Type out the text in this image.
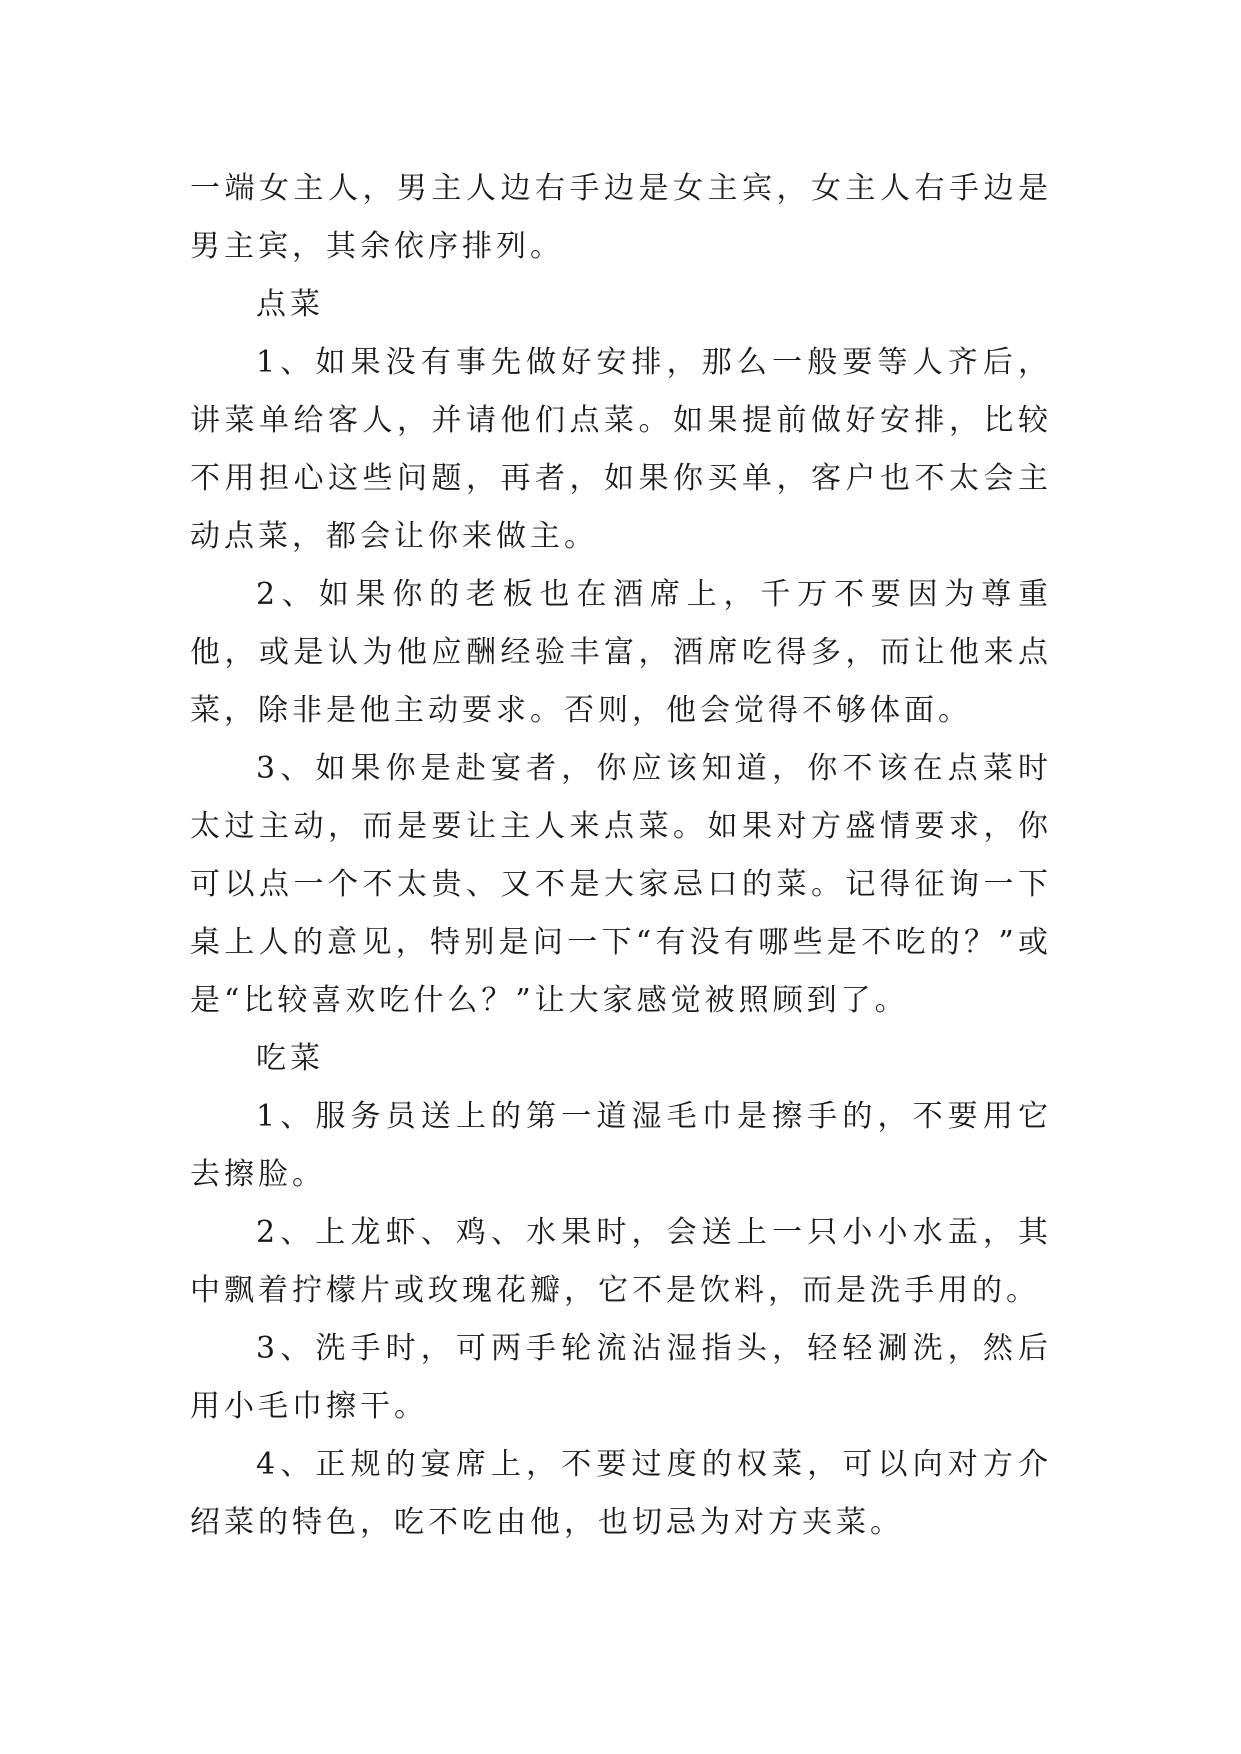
一端女主人，男主人边右手边是女主宾，女主人右手边是男主宾，其余依序排列。

点菜

1、如果没有事先做好安排，那么一般要等人齐后，讲菜单给客人，并请他们点菜。如果提前做好安排，比较不用担心这些问题，再者，如果你买单，客户也不太会主动点菜，都会让你来做主。

2、如果你的老板也在酒席上，千万不要因为尊重他，或是认为他应酬经验丰富，酒席吃得多，而让他来点菜，除非是他主动要求。否则，他会觉得不够体面。

3、如果你是赴宴者，你应该知道，你不该在点菜时太过主动，而是要让主人来点菜。如果对方盛情要求，你可以点一个不太贵、又不是大家忌口的菜。记得征询一下桌上人的意见，特别是问一下“有没有哪些是不吃的？”或是“比较喜欢吃什么？”让大家感觉被照顾到了。

吃菜

1、服务员送上的第一道湿毛巾是擦手的，不要用它去擦脸。

2、上龙虾、鸡、水果时，会送上一只小小水盂，其中飘着拧檬片或玫瑰花瓣，它不是饮料，而是洗手用的。

3、洗手时，可两手轮流沾湿指头，轻轻涮洗，然后用小毛巾擦干。

4、正规的宴席上，不要过度的权菜，可以向对方介绍菜的特色，吃不吃由他，也切忌为对方夹菜。
